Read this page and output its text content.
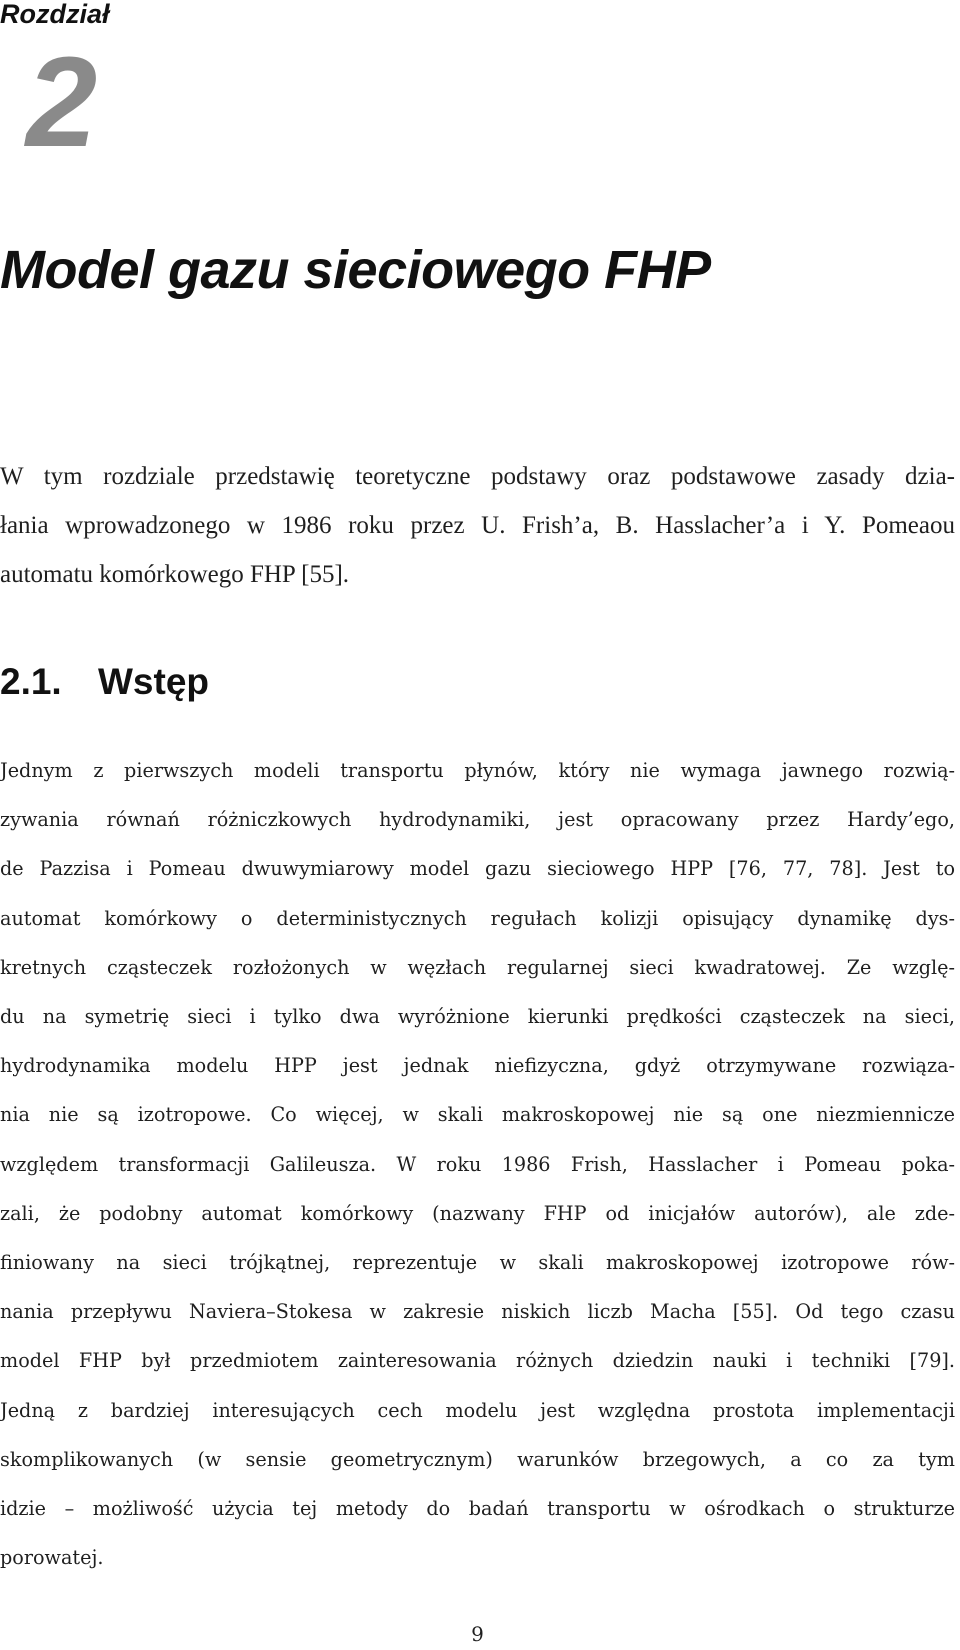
Rozdział
2
Model gazu sieciowego FHP
W tym rozdziale przedstawię teoretyczne podstawy oraz podstawowe zasady dzia-
łania wprowadzonego w 1986 roku przez U. Frish’a, B. Hasslacher’a i Y. Pomeaou
automatu komórkowego FHP [55].
2.1. Wstęp
Jednym z pierwszych modeli transportu płynów, który nie wymaga jawnego rozwią-
zywania równań różniczkowych hydrodynamiki, jest opracowany przez Hardy’ego,
de Pazzisa i Pomeau dwuwymiarowy model gazu sieciowego HPP [76, 77, 78]. Jest to
automat komórkowy o deterministycznych regułach kolizji opisujący dynamikę dys-
kretnych cząsteczek rozłożonych w węzłach regularnej sieci kwadratowej. Ze wzglę-
du na symetrię sieci i tylko dwa wyróżnione kierunki prędkości cząsteczek na sieci,
hydrodynamika modelu HPP jest jednak niefizyczna, gdyż otrzymywane rozwiąza-
nia nie są izotropowe. Co więcej, w skali makroskopowej nie są one niezmiennicze
względem transformacji Galileusza. W roku 1986 Frish, Hasslacher i Pomeau poka-
zali, że podobny automat komórkowy (nazwany FHP od inicjałów autorów), ale zde-
finiowany na sieci trójkątnej, reprezentuje w skali makroskopowej izotropowe rów-
nania przepływu Naviera–Stokesa w zakresie niskich liczb Macha [55]. Od tego czasu
model FHP był przedmiotem zainteresowania różnych dziedzin nauki i techniki [79].
Jedną z bardziej interesujących cech modelu jest względna prostota implementacji
skomplikowanych (w sensie geometrycznym) warunków brzegowych, a co za tym
idzie – możliwość użycia tej metody do badań transportu w ośrodkach o strukturze
porowatej.
9
